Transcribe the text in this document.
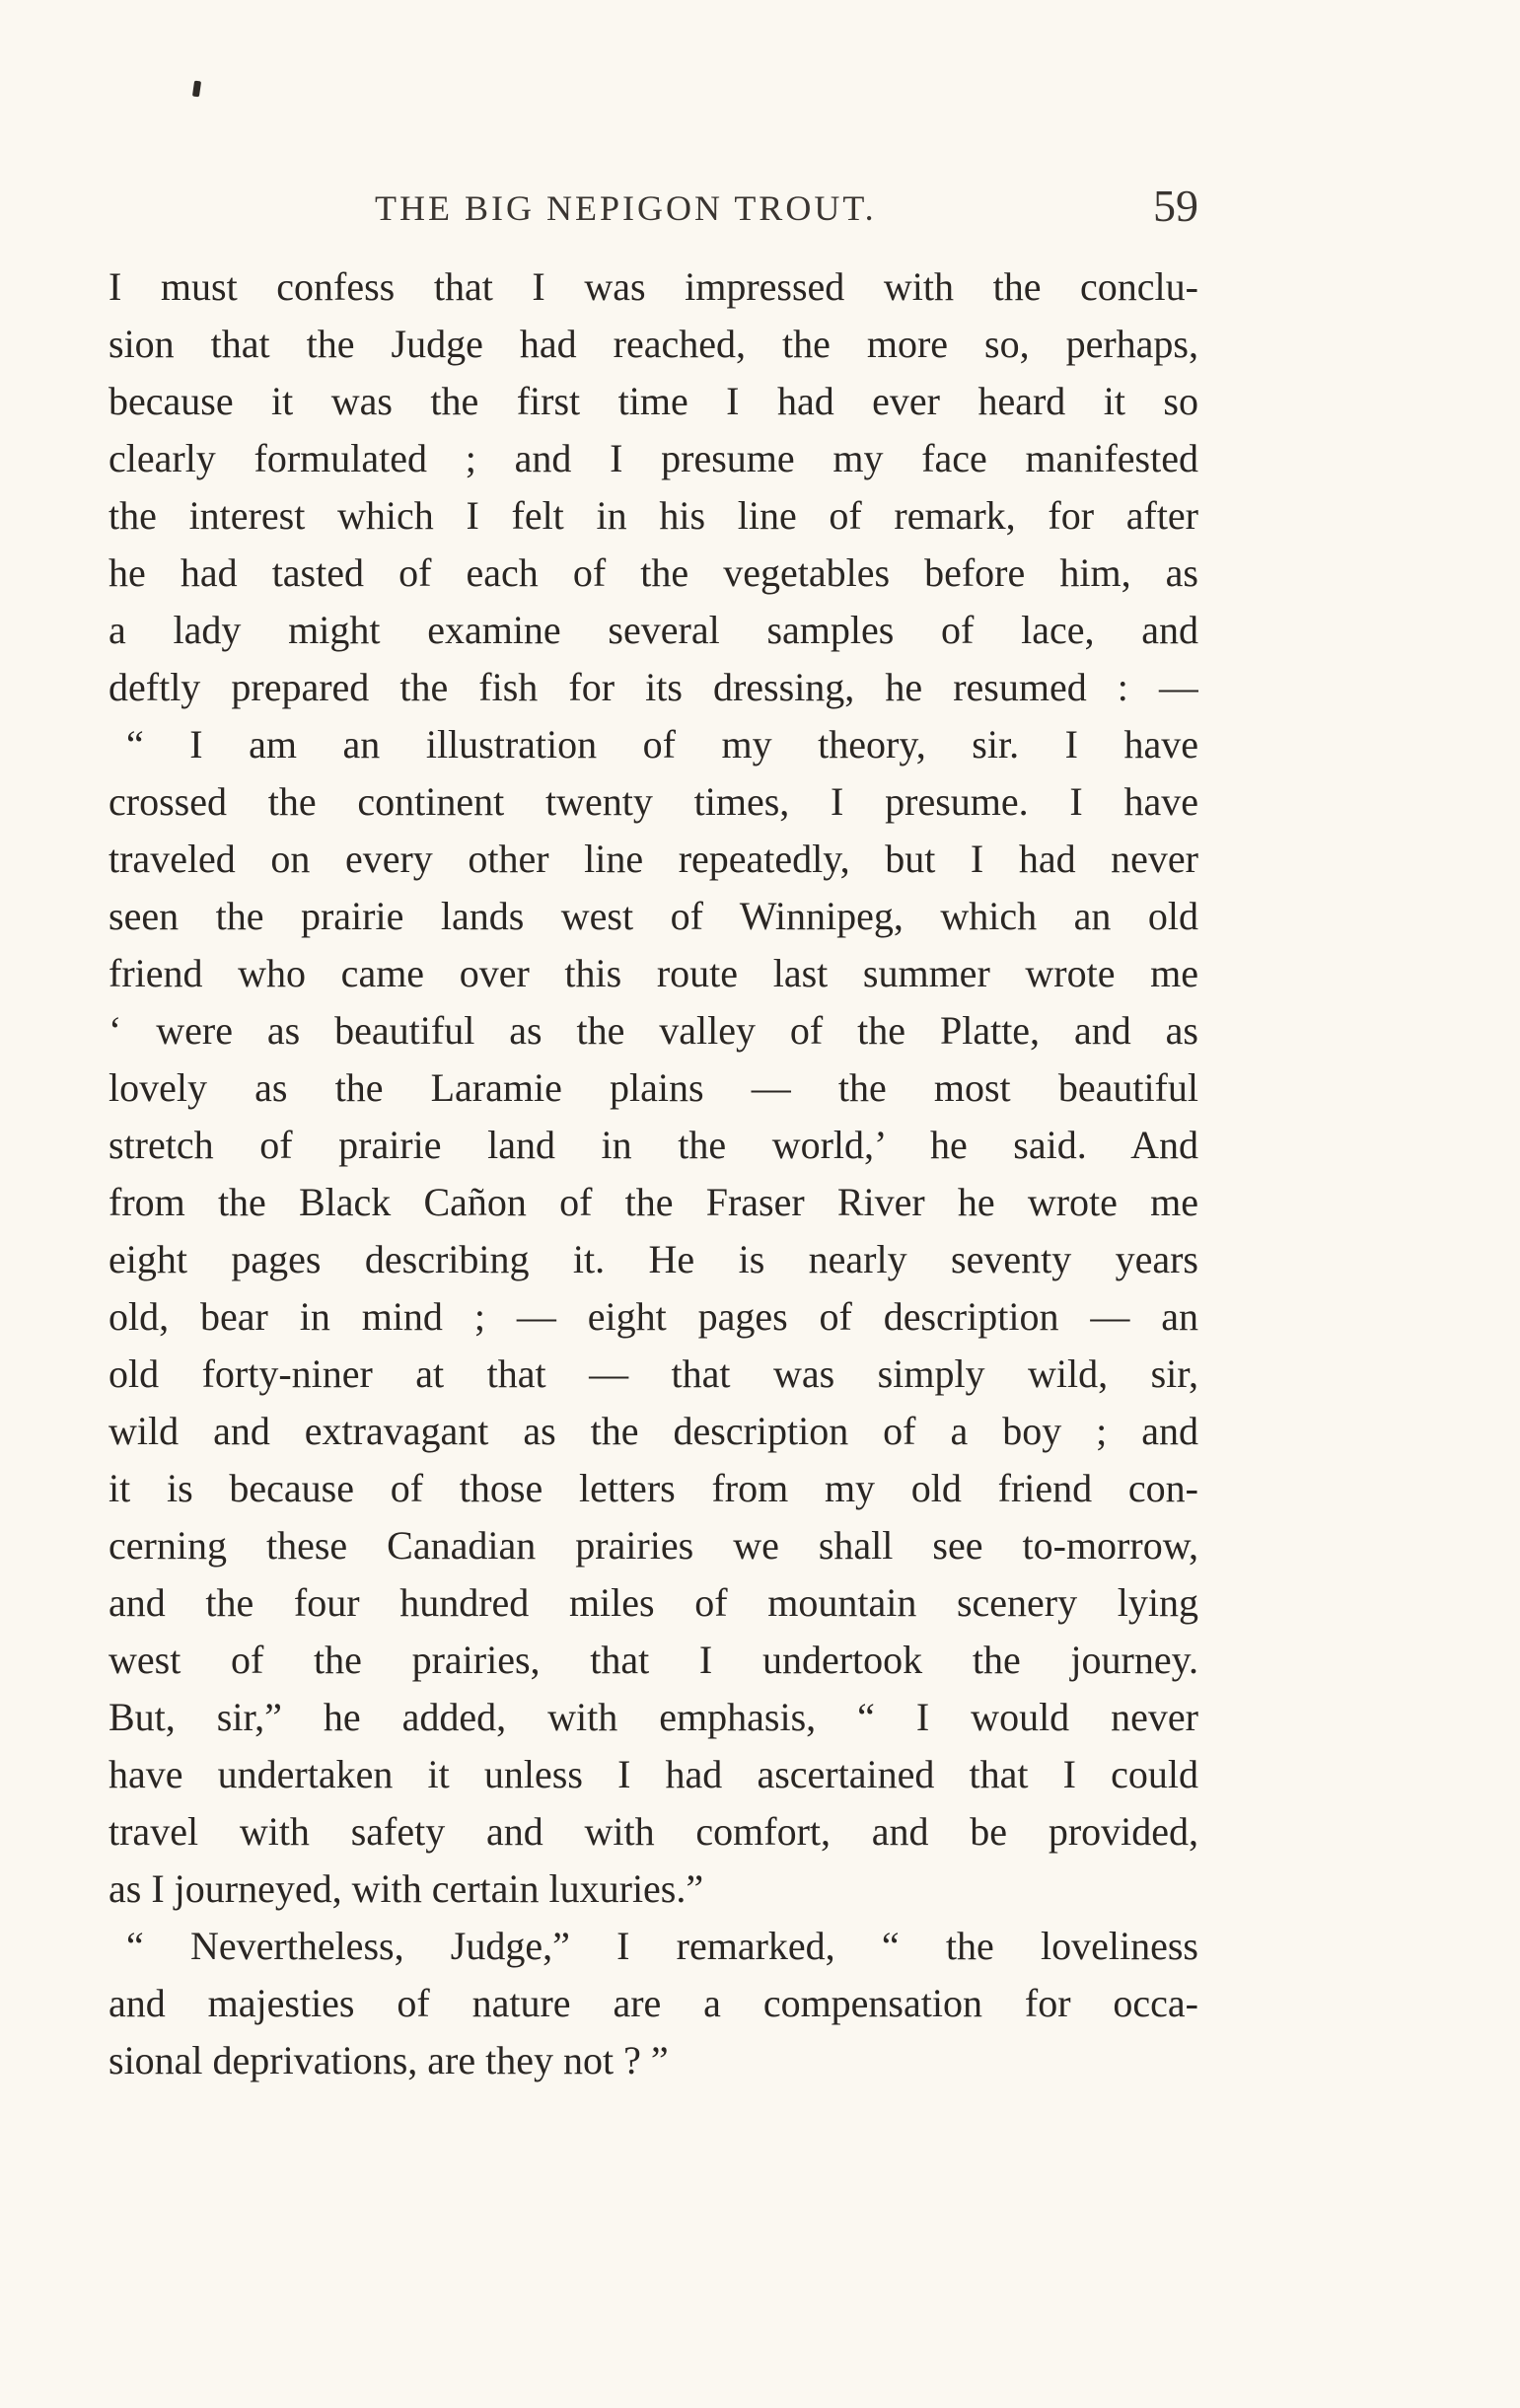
THE BIG NEPIGON TROUT.	59
I must confess that I was impressed with the conclu-
sion that the Judge had reached, the more so, perhaps,
because it was the first time I had ever heard it so
clearly formulated ; and I presume my face manifested
the interest which I felt in his line of remark, for after
he had tasted of each of the vegetables before him, as
a lady might examine several samples of lace, and
deftly prepared the fish for its dressing, he resumed : —
“ I am an illustration of my theory, sir. I have
crossed the continent twenty times, I presume. I have
traveled on every other line repeatedly, but I had never
seen the prairie lands west of Winnipeg, which an old
friend who came over this route last summer wrote me
‘ were as beautiful as the valley of the Platte, and as
lovely as the Laramie plains — the most beautiful
stretch of prairie land in the world,’ he said. And
from the Black Cañon of the Fraser River he wrote me
eight pages describing it. He is nearly seventy years
old, bear in mind ; — eight pages of description — an
old forty-niner at that — that was simply wild, sir,
wild and extravagant as the description of a boy ; and
it is because of those letters from my old friend con-
cerning these Canadian prairies we shall see to-morrow,
and the four hundred miles of mountain scenery lying
west of the prairies, that I undertook the journey.
But, sir,” he added, with emphasis, “ I would never
have undertaken it unless I had ascertained that I could
travel with safety and with comfort, and be provided,
as I journeyed, with certain luxuries.”
“ Nevertheless, Judge,” I remarked, “ the loveliness
and majesties of nature are a compensation for occa-
sional deprivations, are they not ? ”
